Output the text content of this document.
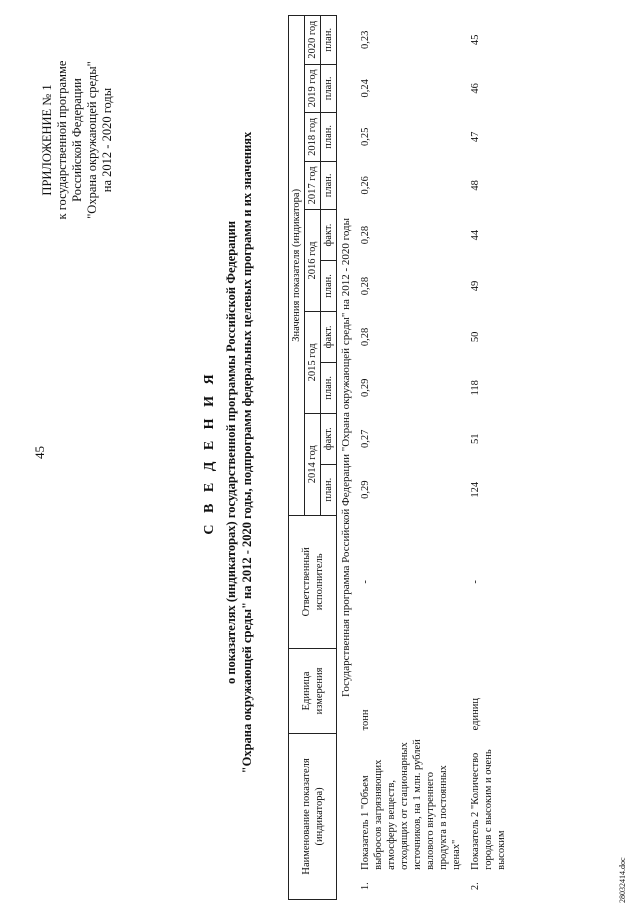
45
ПРИЛОЖЕНИЕ № 1 к государственной программе Российской Федерации "Охрана окружающей среды" на 2012 - 2020 годы
С В Е Д Е Н И Я о показателях (индикаторах) государственной программы Российской Федерации "Охрана окружающей среды" на 2012 - 2020 годы, подпрограмм федеральных целевых программ и их значениях
Наименование показателя (индикатора)		Единица измерения	Ответственный исполнитель	Значения показателя (индикатора)									
				2014 год		2015 год		2016 год		2017 год	2018 год	2019 год	2020 год
				план.	факт.	план.	факт.	план.	факт.	план.	план.	план.	план.
Государственная программа Российской Федерации "Охрана окружающей среды" на 2012 - 2020 годы													
1.	Показатель 1 "Объем выбросов загрязняющих атмосферу веществ, отходящих от стационарных источников, на 1 млн. рублей валового внутреннего продукта в постоянных ценах"	тонн	-	0,29	0,27	0,29	0,28	0,28	0,28	0,26	0,25	0,24	0,23
2.	Показатель 2 "Количество городов с высоким и очень высоким	единиц	-	124	51	118	50	49	44	48	47	46	45
28032414.doc
